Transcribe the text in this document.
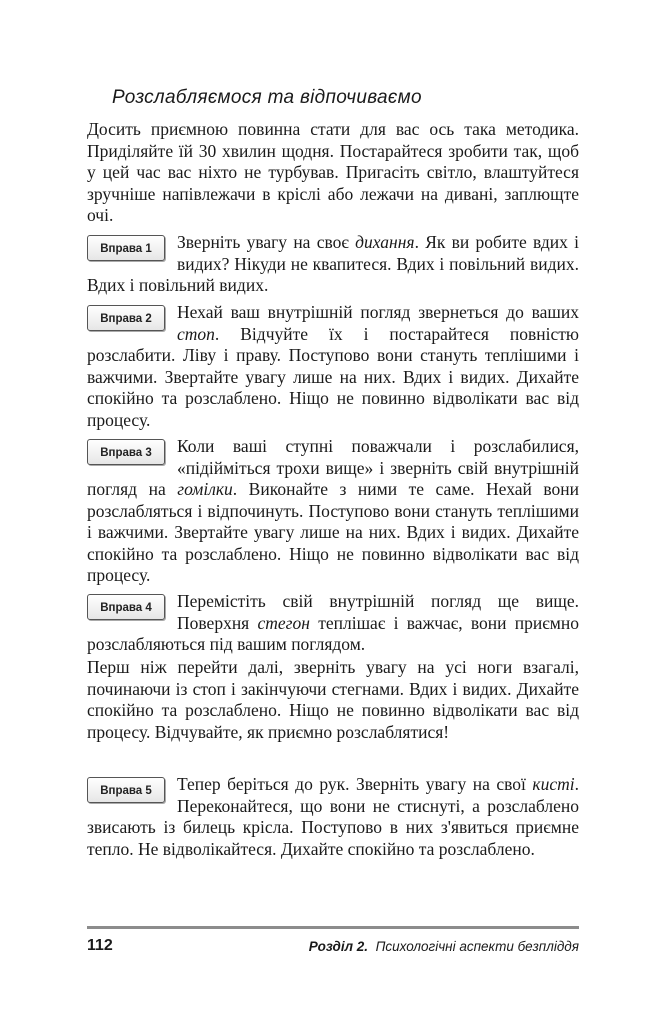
Розслабляємося та відпочиваємо
Досить приємною повинна стати для вас ось така методика. Приділяйте їй 30 хвилин щодня. Постарайтеся зробити так, щоб у цей час вас ніхто не турбував. Пригасіть світло, влаштуйтеся зручніше напівлежачи в кріслі або лежачи на дивані, заплющте очі.
Вправа 1	Зверніть увагу на своє дихання. Як ви робите вдих і видих? Нікуди не квапитеся. Вдих і повільний видих. Вдих і повільний видих.
Вправа 2	Нехай ваш внутрішній погляд звернеться до ваших стоп. Відчуйте їх і постарайтеся повністю розслабити. Ліву і праву. Поступово вони стануть теплішими і важчими. Звертайте увагу лише на них. Вдих і видих. Дихайте спокійно та розслаблено. Ніщо не повинно відволікати вас від процесу.
Вправа 3	Коли ваші ступні поважчали і розслабилися, «підійміться трохи вище» і зверніть свій внутрішній погляд на гомілки. Виконайте з ними те саме. Нехай вони розслабляться і відпочинуть. Поступово вони стануть теплішими і важчими. Звертайте увагу лише на них. Вдих і видих. Дихайте спокійно та розслаблено. Ніщо не повинно відволікати вас від процесу.
Вправа 4	Перемістіть свій внутрішній погляд ще вище. Поверхня стегон теплішає і важчає, вони приємно розслабляються під вашим поглядом.
Перш ніж перейти далі, зверніть увагу на усі ноги взагалі, починаючи із стоп і закінчуючи стегнами. Вдих і видих. Дихайте спокійно та розслаблено. Ніщо не повинно відволікати вас від процесу. Відчувайте, як приємно розслаблятися!
Вправа 5	Тепер беріться до рук. Зверніть увагу на свої кисті. Переконайтеся, що вони не стиснуті, а розслаблено звисають із билець крісла. Поступово в них з'явиться приємне тепло. Не відволікайтеся. Дихайте спокійно та розслаблено.
112	Розділ 2. Психологічні аспекти безпліддя
